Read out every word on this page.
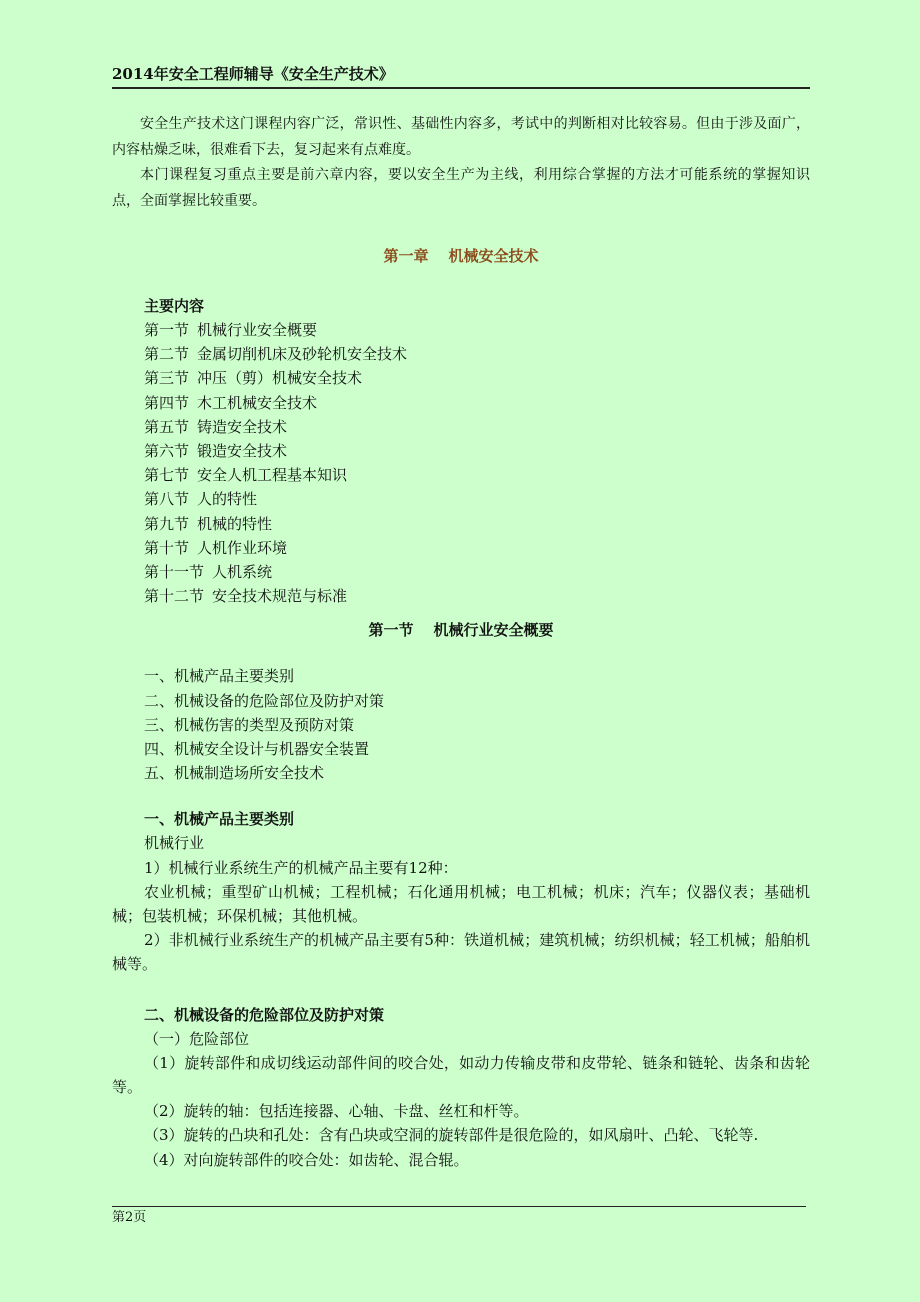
2014年安全工程师辅导《安全生产技术》

安全生产技术这门课程内容广泛，常识性、基础性内容多，考试中的判断相对比较容易。但由于涉及面广，内容枯燥乏味，很难看下去，复习起来有点难度。

本门课程复习重点主要是前六章内容，要以安全生产为主线，利用综合掌握的方法才可能系统的掌握知识点，全面掌握比较重要。

第一章 机械安全技术
主要内容
第一节 机械行业安全概要
第二节 金属切削机床及砂轮机安全技术
第三节 冲压（剪）机械安全技术
第四节 木工机械安全技术
第五节 铸造安全技术
第六节 锻造安全技术
第七节 安全人机工程基本知识
第八节 人的特性
第九节 机械的特性
第十节 人机作业环境
第十一节 人机系统
第十二节 安全技术规范与标准
第一节 机械行业安全概要
一、机械产品主要类别
二、机械设备的危险部位及防护对策
三、机械伤害的类型及预防对策
四、机械安全设计与机器安全装置
五、机械制造场所安全技术
一、机械产品主要类别
机械行业

1）机械行业系统生产的机械产品主要有12种：

农业机械；重型矿山机械；工程机械；石化通用机械；电工机械；机床；汽车；仪器仪表；基础机械；包装机械；环保机械；其他机械。

2）非机械行业系统生产的机械产品主要有5种：铁道机械；建筑机械；纺织机械；轻工机械；船舶机械等。

二、机械设备的危险部位及防护对策
（一）危险部位

（1）旋转部件和成切线运动部件间的咬合处，如动力传输皮带和皮带轮、链条和链轮、齿条和齿轮等。

（2）旋转的轴：包括连接器、心轴、卡盘、丝杠和杆等。

（3）旋转的凸块和孔处：含有凸块或空洞的旋转部件是很危险的，如风扇叶、凸轮、飞轮等.

（4）对向旋转部件的咬合处：如齿轮、混合辊。

第2页
